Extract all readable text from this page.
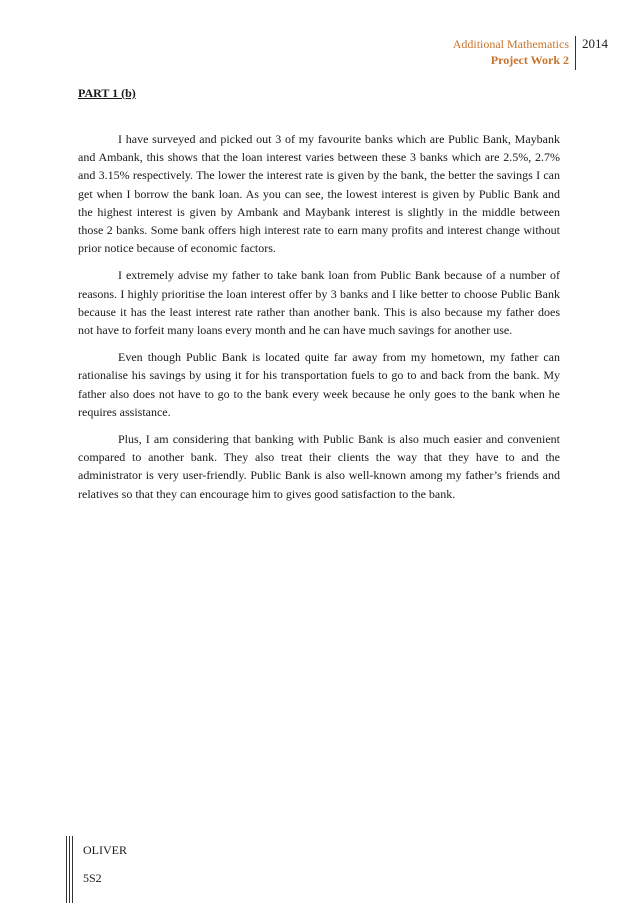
Additional Mathematics
Project Work 2
2014
PART 1 (b)

I have surveyed and picked out 3 of my favourite banks which are Public Bank, Maybank and Ambank, this shows that the loan interest varies between these 3 banks which are 2.5%, 2.7% and 3.15% respectively. The lower the interest rate is given by the bank, the better the savings I can get when I borrow the bank loan. As you can see, the lowest interest is given by Public Bank and the highest interest is given by Ambank and Maybank interest is slightly in the middle between those 2 banks. Some bank offers high interest rate to earn many profits and interest change without prior notice because of economic factors.

I extremely advise my father to take bank loan from Public Bank because of a number of reasons. I highly prioritise the loan interest offer by 3 banks and I like better to choose Public Bank because it has the least interest rate rather than another bank. This is also because my father does not have to forfeit many loans every month and he can have much savings for another use.

Even though Public Bank is located quite far away from my hometown, my father can rationalise his savings by using it for his transportation fuels to go to and back from the bank. My father also does not have to go to the bank every week because he only goes to the bank when he requires assistance.

Plus, I am considering that banking with Public Bank is also much easier and convenient compared to another bank. They also treat their clients the way that they have to and the administrator is very user-friendly. Public Bank is also well-known among my father’s friends and relatives so that they can encourage him to gives good satisfaction to the bank.

OLIVER
5S2
